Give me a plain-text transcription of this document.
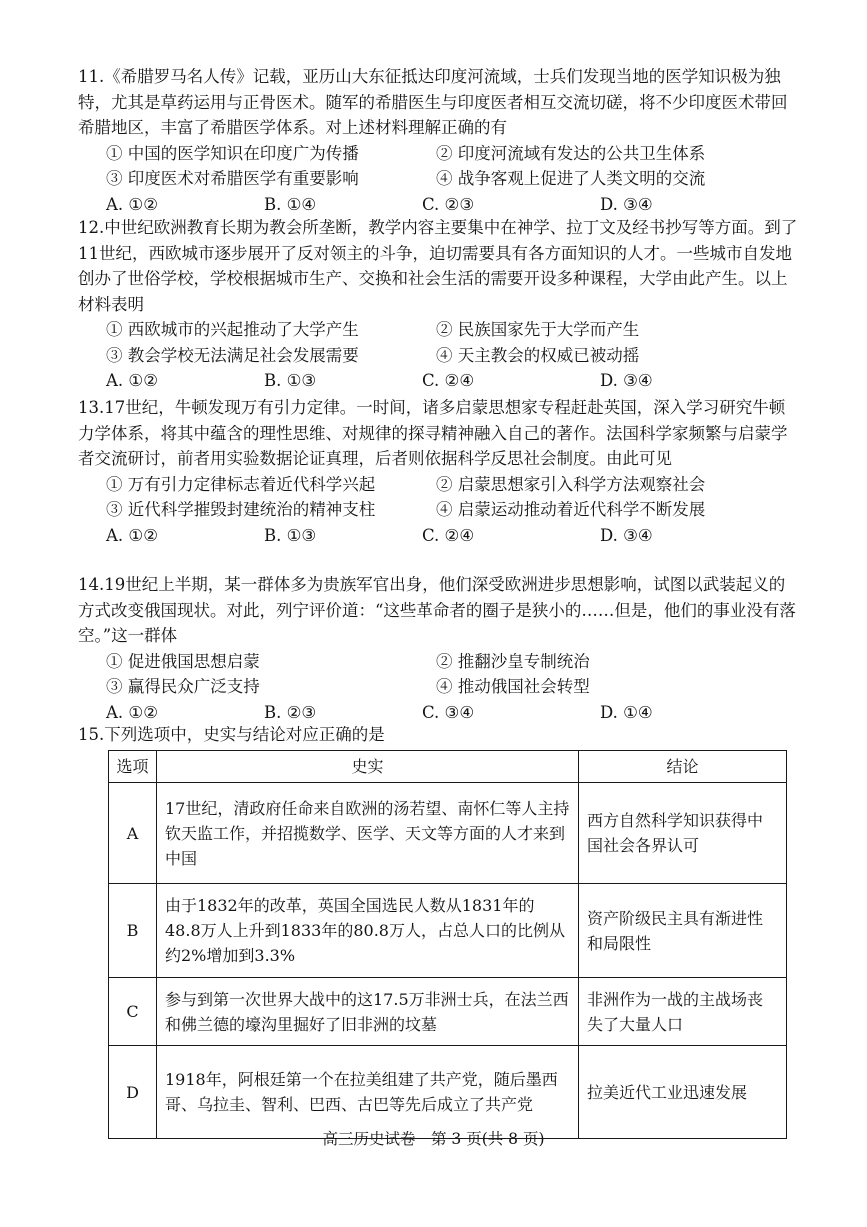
11.《希腊罗马名人传》记载，亚历山大东征抵达印度河流域，士兵们发现当地的医学知识极为独特，尤其是草药运用与正骨医术。随军的希腊医生与印度医者相互交流切磋，将不少印度医术带回希腊地区，丰富了希腊医学体系。对上述材料理解正确的有

① 中国的医学知识在印度广为传播	② 印度河流域有发达的公共卫生体系
③ 印度医术对希腊医学有重要影响	④ 战争客观上促进了人类文明的交流
A. ①②	B. ①④	C. ②③	D. ③④

12.中世纪欧洲教育长期为教会所垄断，教学内容主要集中在神学、拉丁文及经书抄写等方面。到了11世纪，西欧城市逐步展开了反对领主的斗争，迫切需要具有各方面知识的人才。一些城市自发地创办了世俗学校，学校根据城市生产、交换和社会生活的需要开设多种课程，大学由此产生。以上材料表明

① 西欧城市的兴起推动了大学产生	② 民族国家先于大学而产生
③ 教会学校无法满足社会发展需要	④ 天主教会的权威已被动摇
A. ①②	B. ①③	C. ②④	D. ③④

13.17世纪，牛顿发现万有引力定律。一时间，诸多启蒙思想家专程赶赴英国，深入学习研究牛顿力学体系，将其中蕴含的理性思维、对规律的探寻精神融入自己的著作。法国科学家频繁与启蒙学者交流研讨，前者用实验数据论证真理，后者则依据科学反思社会制度。由此可见

① 万有引力定律标志着近代科学兴起	② 启蒙思想家引入科学方法观察社会
③ 近代科学摧毁封建统治的精神支柱	④ 启蒙运动推动着近代科学不断发展
A. ①②	B. ①③	C. ②④	D. ③④

14.19世纪上半期，某一群体多为贵族军官出身，他们深受欧洲进步思想影响，试图以武装起义的方式改变俄国现状。对此，列宁评价道：“这些革命者的圈子是狭小的……但是，他们的事业没有落空。”这一群体

① 促进俄国思想启蒙	② 推翻沙皇专制统治
③ 赢得民众广泛支持	④ 推动俄国社会转型
A. ①②	B. ②③	C. ③④	D. ①④

15.下列选项中，史实与结论对应正确的是

选项	史实	结论
A	17世纪，清政府任命来自欧洲的汤若望、南怀仁等人主持钦天监工作，并招揽数学、医学、天文等方面的人才来到中国	西方自然科学知识获得中国社会各界认可
B	由于1832年的改革，英国全国选民人数从1831年的48.8万人上升到1833年的80.8万人，占总人口的比例从约2%增加到3.3%	资产阶级民主具有渐进性和局限性
C	参与到第一次世界大战中的这17.5万非洲士兵，在法兰西和佛兰德的壕沟里掘好了旧非洲的坟墓	非洲作为一战的主战场丧失了大量人口
D	1918年，阿根廷第一个在拉美组建了共产党，随后墨西哥、乌拉圭、智利、巴西、古巴等先后成立了共产党	拉美近代工业迅速发展
高三历史试卷　第 3 页(共 8 页)
